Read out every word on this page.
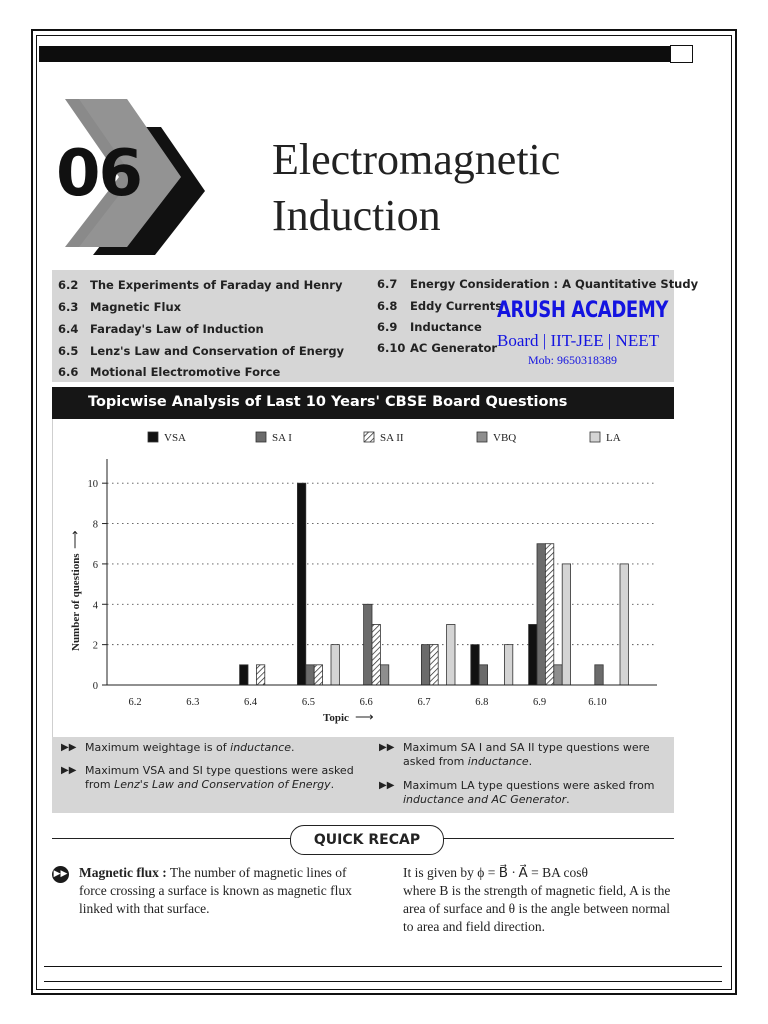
06	Electromagnetic
Induction
6.2 The Experiments of Faraday and Henry
6.3 Magnetic Flux
6.4 Faraday's Law of Induction
6.5 Lenz's Law and Conservation of Energy
6.6 Motional Electromotive Force
6.7 Energy Consideration : A Quantitative Study
6.8 Eddy Currents
6.9 Inductance
6.10 AC Generator
ARUSH ACADEMY
Board | IIT-JEE | NEET
Mob: 9650318389
Topicwise Analysis of Last 10 Years' CBSE Board Questions
VSA	SA I	SA II	VBQ	LA
0
2
4
6
8
10
6.2	6.3	6.4	6.5	6.6	6.7	6.8	6.9	6.10
Topic ⟶
Number of questions
⟶
▶▶ Maximum weightage is of inductance.
▶▶ Maximum VSA and SI type questions were asked from Lenz's Law and Conservation of Energy.
▶▶ Maximum SA I and SA II type questions were asked from inductance.
▶▶ Maximum LA type questions were asked from inductance and AC Generator.
QUICK RECAP
▶▶ Magnetic flux : The number of magnetic lines of force crossing a surface is known as magnetic flux linked with that surface.
It is given by ϕ = B⃗ · A⃗ = BA cosθ
where B is the strength of magnetic field, A is the area of surface and θ is the angle between normal to area and field direction.
